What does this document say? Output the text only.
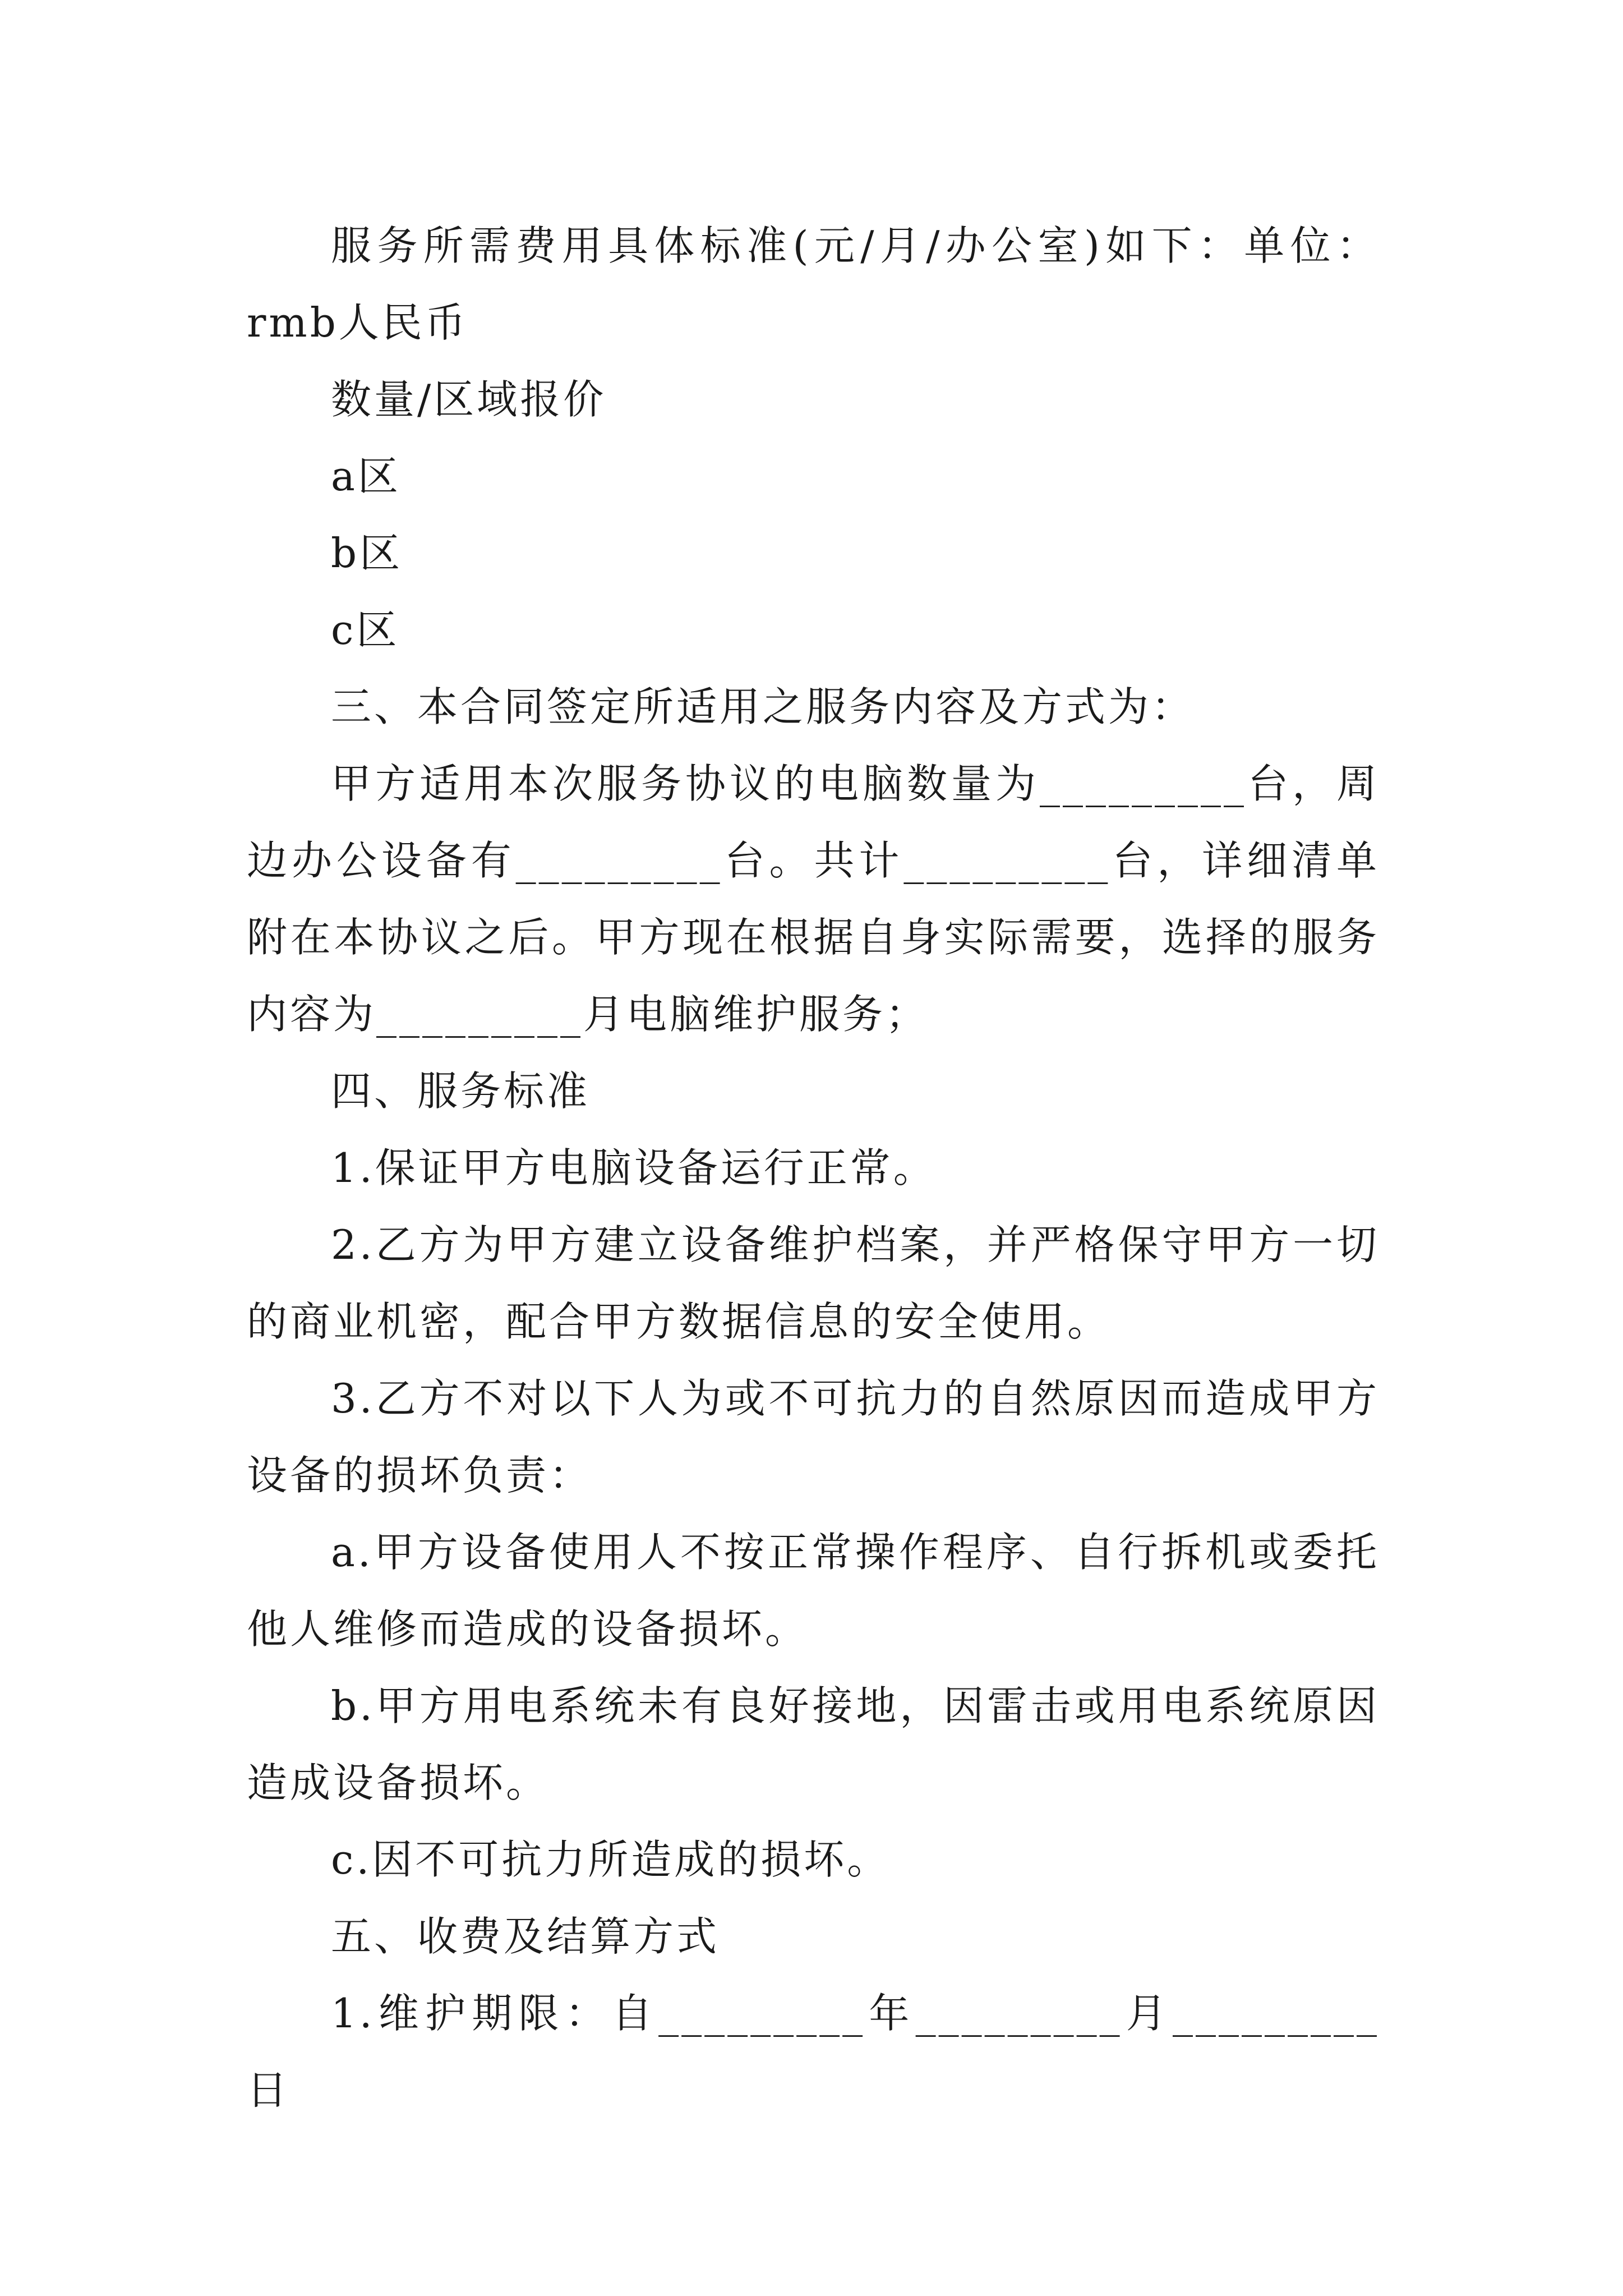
服务所需费用具体标准(元/月/办公室)如下：单位：rmb人民币

数量/区域报价

a区

b区

c区

三、本合同签定所适用之服务内容及方式为：

甲方适用本次服务协议的电脑数量为_________台，周边办公设备有_________台。共计_________台，详细清单附在本协议之后。甲方现在根据自身实际需要，选择的服务内容为_________月电脑维护服务；

四、服务标准

1.保证甲方电脑设备运行正常。

2.乙方为甲方建立设备维护档案，并严格保守甲方一切的商业机密，配合甲方数据信息的安全使用。

3.乙方不对以下人为或不可抗力的自然原因而造成甲方设备的损坏负责：

a.甲方设备使用人不按正常操作程序、自行拆机或委托他人维修而造成的设备损坏。

b.甲方用电系统未有良好接地，因雷击或用电系统原因造成设备损坏。

c.因不可抗力所造成的损坏。

五、收费及结算方式

1.维护期限：自_________年_________月_________日
